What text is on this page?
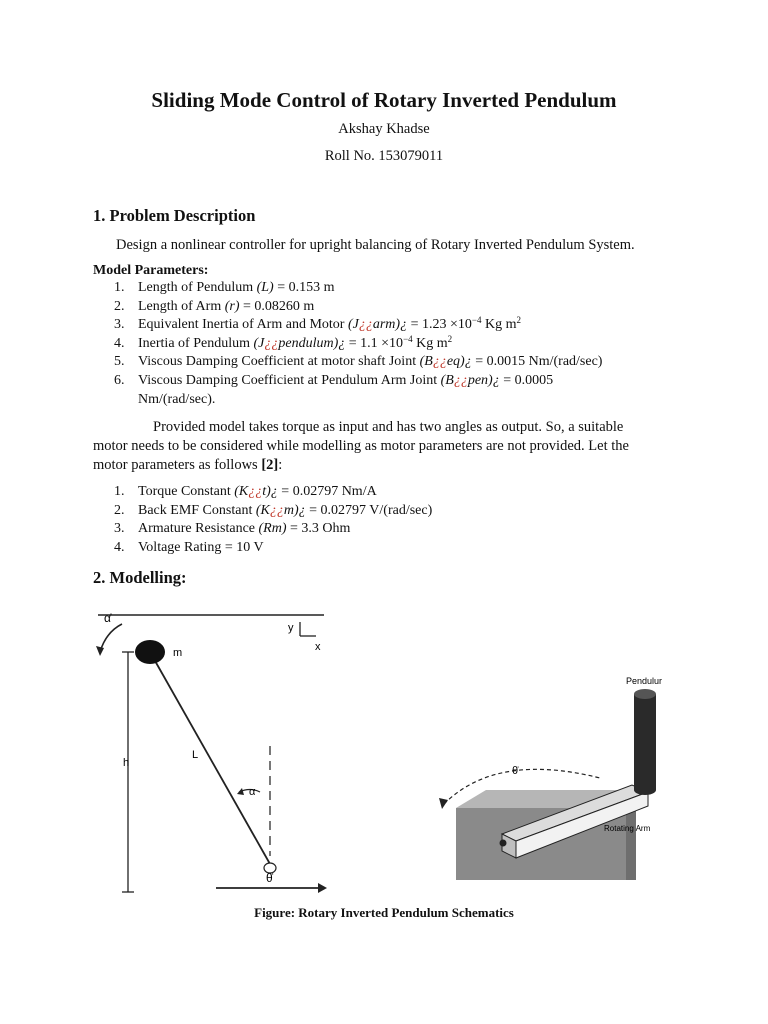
Sliding Mode Control of Rotary Inverted Pendulum
Akshay Khadse
Roll No. 153079011
1. Problem Description
Design a nonlinear controller for upright balancing of Rotary Inverted Pendulum System.
Model Parameters:
1. Length of Pendulum (L) = 0.153 m
2. Length of Arm (r) = 0.08260 m
3. Equivalent Inertia of Arm and Motor (J¿¿arm)¿ = $1.23 \times 10^{-4}$ Kg $m^2$
4. Inertia of Pendulum (J¿¿pendulum)¿ = $1.1 \times 10^{-4}$ Kg $m^2$
5. Viscous Damping Coefficient at motor shaft Joint (B¿¿eq)¿ = 0.0015 Nm/(rad/sec)
6. Viscous Damping Coefficient at Pendulum Arm Joint (B¿¿pen)¿ = 0.0005
Nm/(rad/sec).
Provided model takes torque as input and has two angles as output. So, a suitable
motor needs to be considered while modelling as motor parameters are not provided. Let the
motor parameters as follows [2]:
1. Torque Constant (K¿¿t)¿ = 0.02797 Nm/A
2. Back EMF Constant (K¿¿m)¿ = 0.02797 V/(rad/sec)
3. Armature Resistance (Rm) = 3.3 Ohm
4. Voltage Rating = 10 V
2. Modelling:
α̇
h
m
L
α
y
x
θ̇
Pendulur
Rotating Arm
θ̇
Figure: Rotary Inverted Pendulum Schematics
